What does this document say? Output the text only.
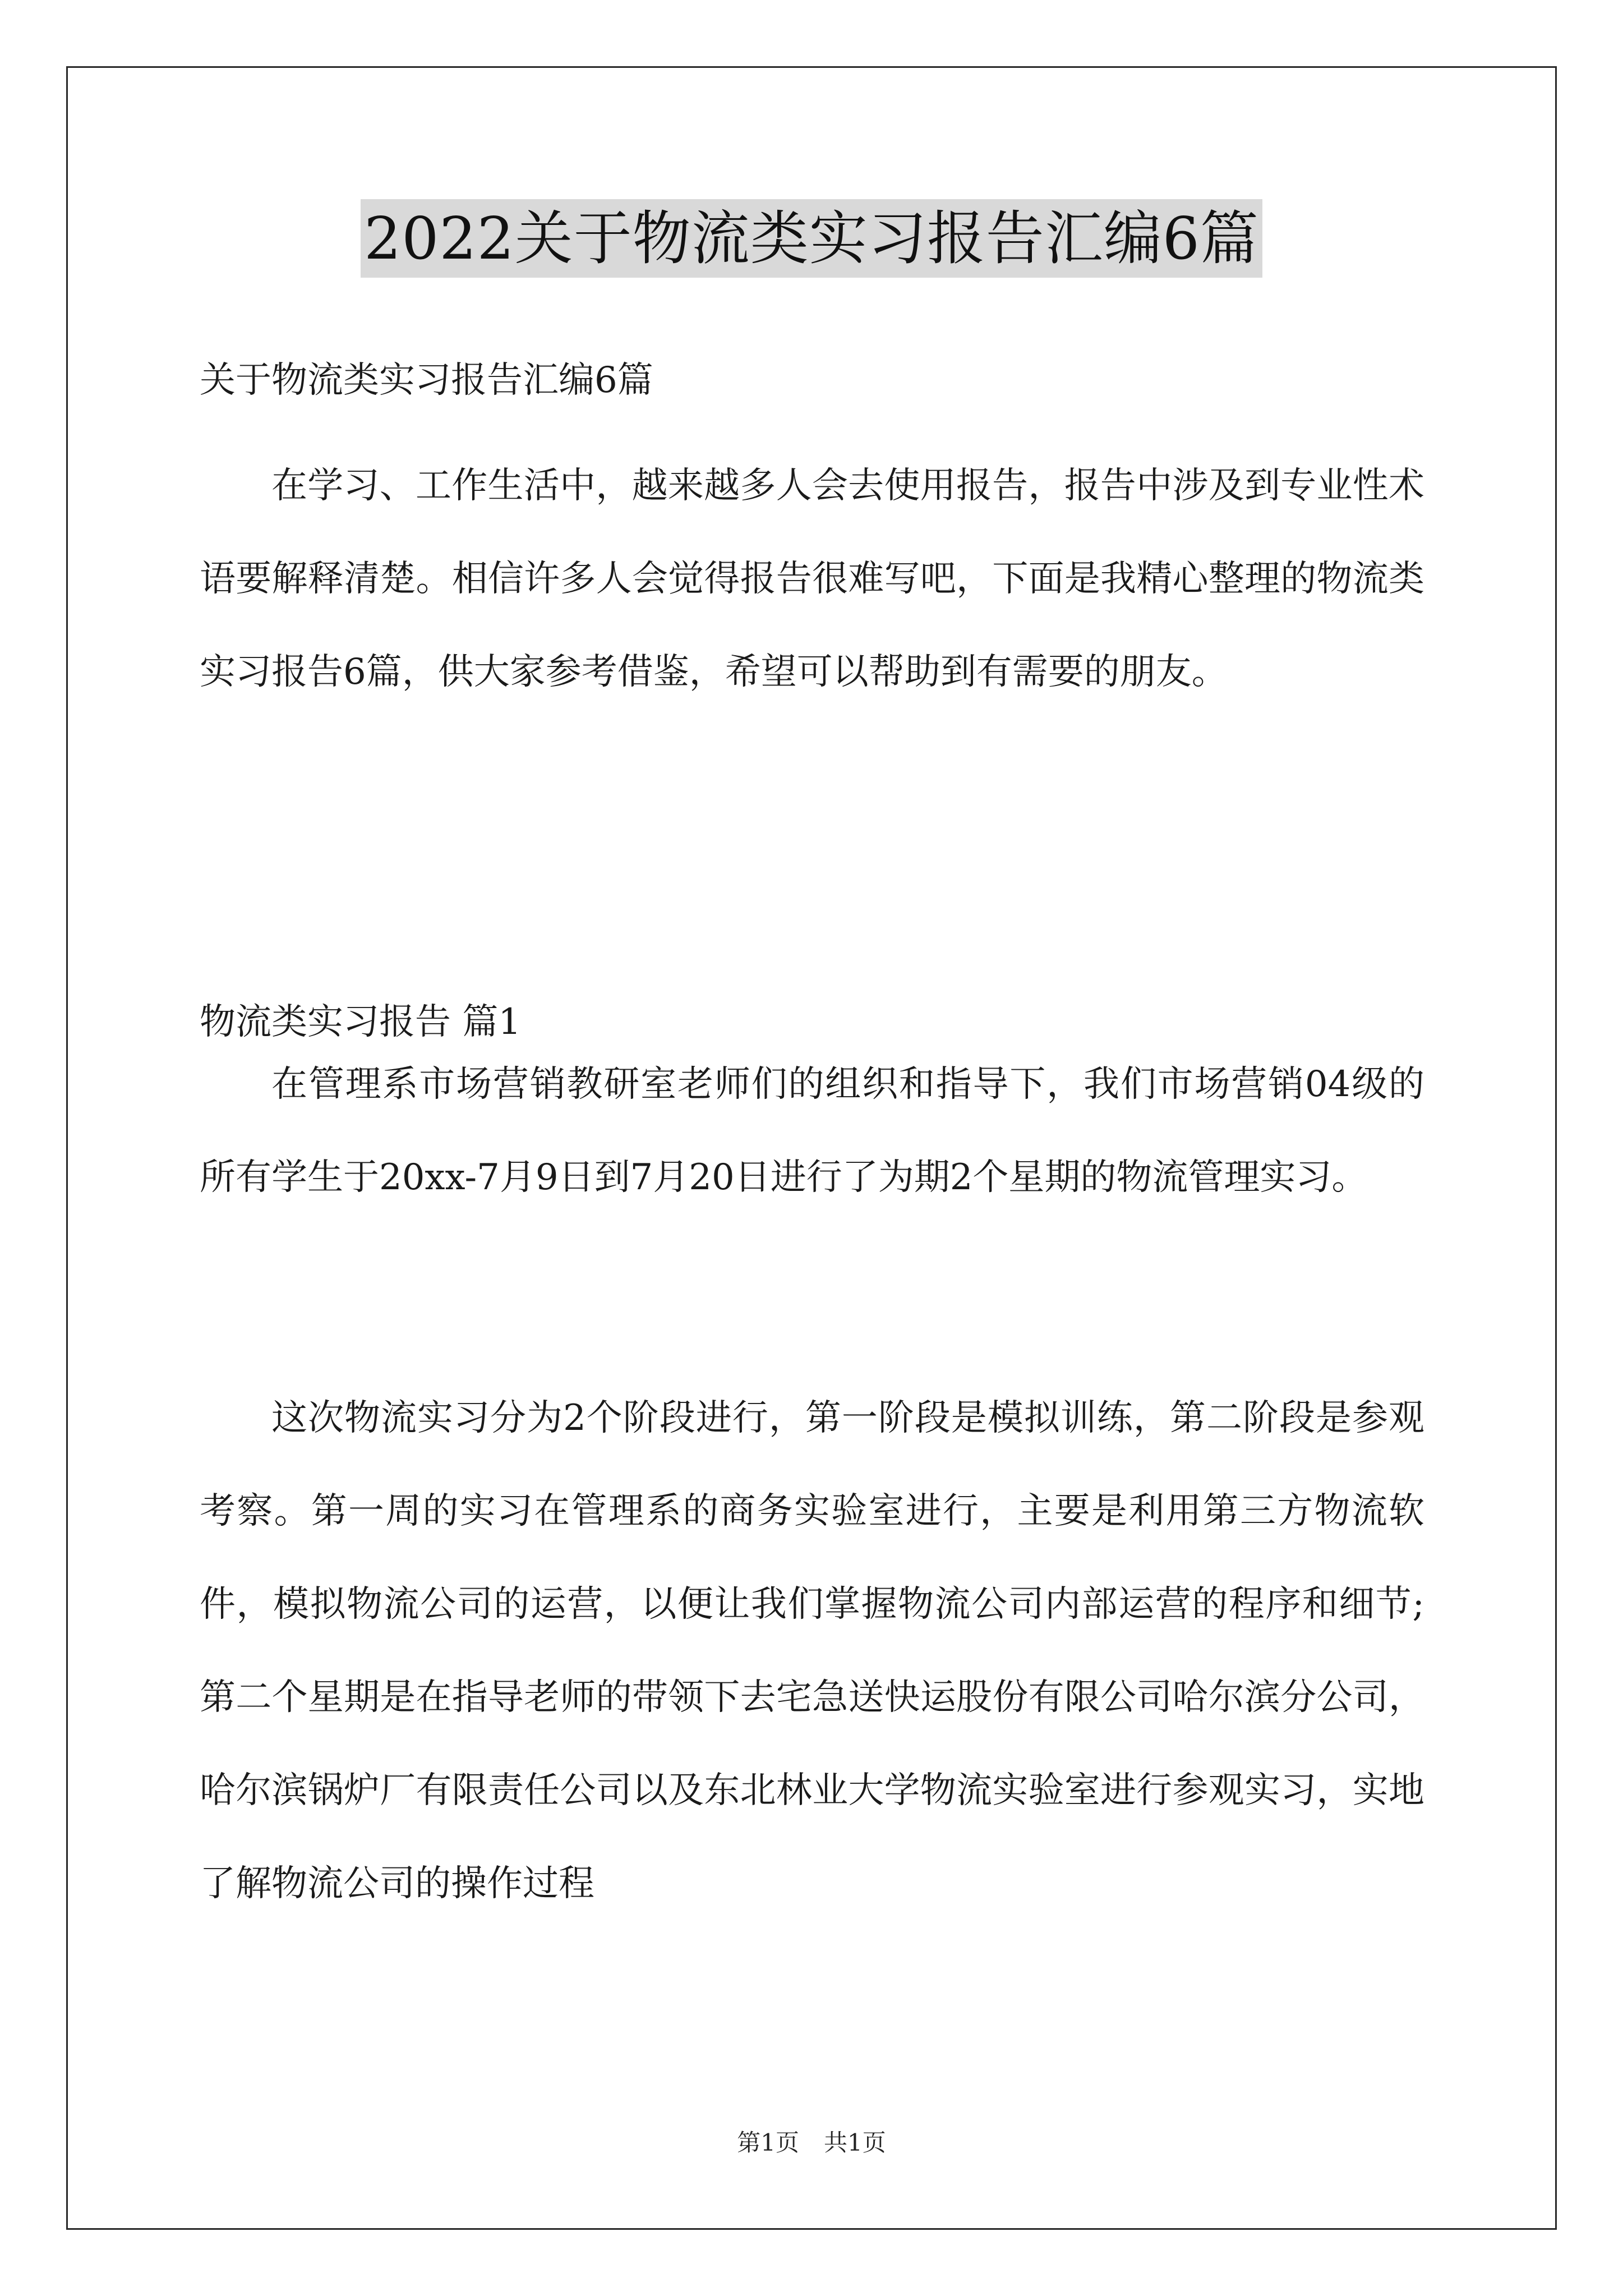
2022关于物流类实习报告汇编6篇
关于物流类实习报告汇编6篇
在学习、工作生活中，越来越多人会去使用报告，报告中涉及到专业性术语要解释清楚。相信许多人会觉得报告很难写吧，下面是我精心整理的物流类实习报告6篇，供大家参考借鉴，希望可以帮助到有需要的朋友。
物流类实习报告 篇1
在管理系市场营销教研室老师们的组织和指导下，我们市场营销04级的所有学生于20xx-7月9日到7月20日进行了为期2个星期的物流管理实习。
这次物流实习分为2个阶段进行，第一阶段是模拟训练，第二阶段是参观考察。第一周的实习在管理系的商务实验室进行，主要是利用第三方物流软件，模拟物流公司的运营，以便让我们掌握物流公司内部运营的程序和细节;第二个星期是在指导老师的带领下去宅急送快运股份有限公司哈尔滨分公司，哈尔滨锅炉厂有限责任公司以及东北林业大学物流实验室进行参观实习，实地了解物流公司的操作过程
第1页 共1页
